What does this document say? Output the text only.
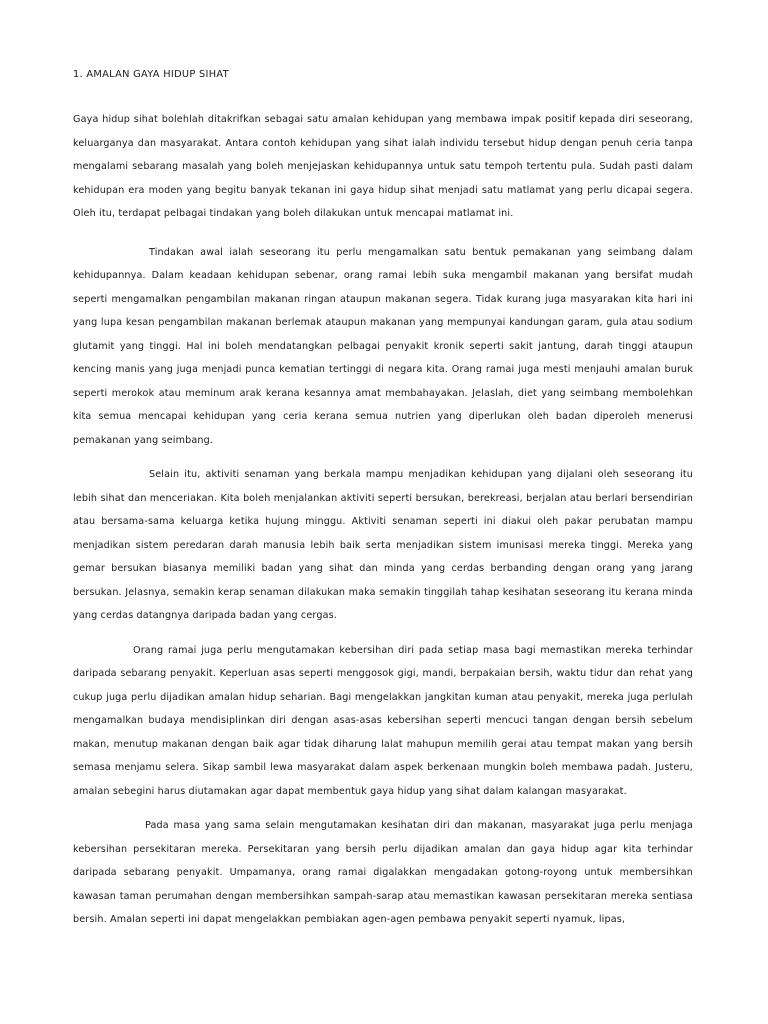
1. AMALAN GAYA HIDUP SIHAT

Gaya hidup sihat bolehlah ditakrifkan sebagai satu amalan kehidupan yang membawa impak positif kepada diri seseorang, keluarganya dan masyarakat. Antara contoh kehidupan yang sihat ialah individu tersebut hidup dengan penuh ceria tanpa mengalami sebarang masalah yang boleh menjejaskan kehidupannya untuk satu tempoh tertentu pula. Sudah pasti dalam kehidupan era moden yang begitu banyak tekanan ini gaya hidup sihat menjadi satu matlamat yang perlu dicapai segera. Oleh itu, terdapat pelbagai tindakan yang boleh dilakukan untuk mencapai matlamat ini.

Tindakan awal ialah seseorang itu perlu mengamalkan satu bentuk pemakanan yang seimbang dalam kehidupannya. Dalam keadaan kehidupan sebenar, orang ramai lebih suka mengambil makanan yang bersifat mudah seperti mengamalkan pengambilan makanan ringan ataupun makanan segera. Tidak kurang juga masyarakan kita hari ini yang lupa kesan pengambilan makanan berlemak ataupun makanan yang mempunyai kandungan garam, gula atau sodium glutamit yang tinggi. Hal ini boleh mendatangkan pelbagai penyakit kronik seperti sakit jantung, darah tinggi ataupun kencing manis yang juga menjadi punca kematian tertinggi di negara kita. Orang ramai juga mesti menjauhi amalan buruk seperti merokok atau meminum arak kerana kesannya amat membahayakan. Jelaslah, diet yang seimbang membolehkan kita semua mencapai kehidupan yang ceria kerana semua nutrien yang diperlukan oleh badan diperoleh menerusi pemakanan yang seimbang.

Selain itu, aktiviti senaman yang berkala mampu menjadikan kehidupan yang dijalani oleh seseorang itu lebih sihat dan menceriakan. Kita boleh menjalankan aktiviti seperti bersukan, berekreasi, berjalan atau berlari bersendirian atau bersama-sama keluarga ketika hujung minggu. Aktiviti senaman seperti ini diakui oleh pakar perubatan mampu menjadikan sistem peredaran darah manusia lebih baik serta menjadikan sistem imunisasi mereka tinggi. Mereka yang gemar bersukan biasanya memiliki badan yang sihat dan minda yang cerdas berbanding dengan orang yang jarang bersukan. Jelasnya, semakin kerap senaman dilakukan maka semakin tinggilah tahap kesihatan seseorang itu kerana minda yang cerdas datangnya daripada badan yang cergas.

Orang ramai juga perlu mengutamakan kebersihan diri pada setiap masa bagi memastikan mereka terhindar daripada sebarang penyakit. Keperluan asas seperti menggosok gigi, mandi, berpakaian bersih, waktu tidur dan rehat yang cukup juga perlu dijadikan amalan hidup seharian. Bagi mengelakkan jangkitan kuman atau penyakit, mereka juga perlulah mengamalkan budaya mendisiplinkan diri dengan asas-asas kebersihan seperti mencuci tangan dengan bersih sebelum makan, menutup makanan dengan baik agar tidak diharung lalat mahupun memilih gerai atau tempat makan yang bersih semasa menjamu selera. Sikap sambil lewa masyarakat dalam aspek berkenaan mungkin boleh membawa padah. Justeru, amalan sebegini harus diutamakan agar dapat membentuk gaya hidup yang sihat dalam kalangan masyarakat.

Pada masa yang sama selain mengutamakan kesihatan diri dan makanan, masyarakat juga perlu menjaga kebersihan persekitaran mereka. Persekitaran yang bersih perlu dijadikan amalan dan gaya hidup agar kita terhindar daripada sebarang penyakit. Umpamanya, orang ramai digalakkan mengadakan gotong-royong untuk membersihkan kawasan taman perumahan dengan membersihkan sampah-sarap atau memastikan kawasan persekitaran mereka sentiasa bersih. Amalan seperti ini dapat mengelakkan pembiakan agen-agen pembawa penyakit seperti nyamuk, lipas,
